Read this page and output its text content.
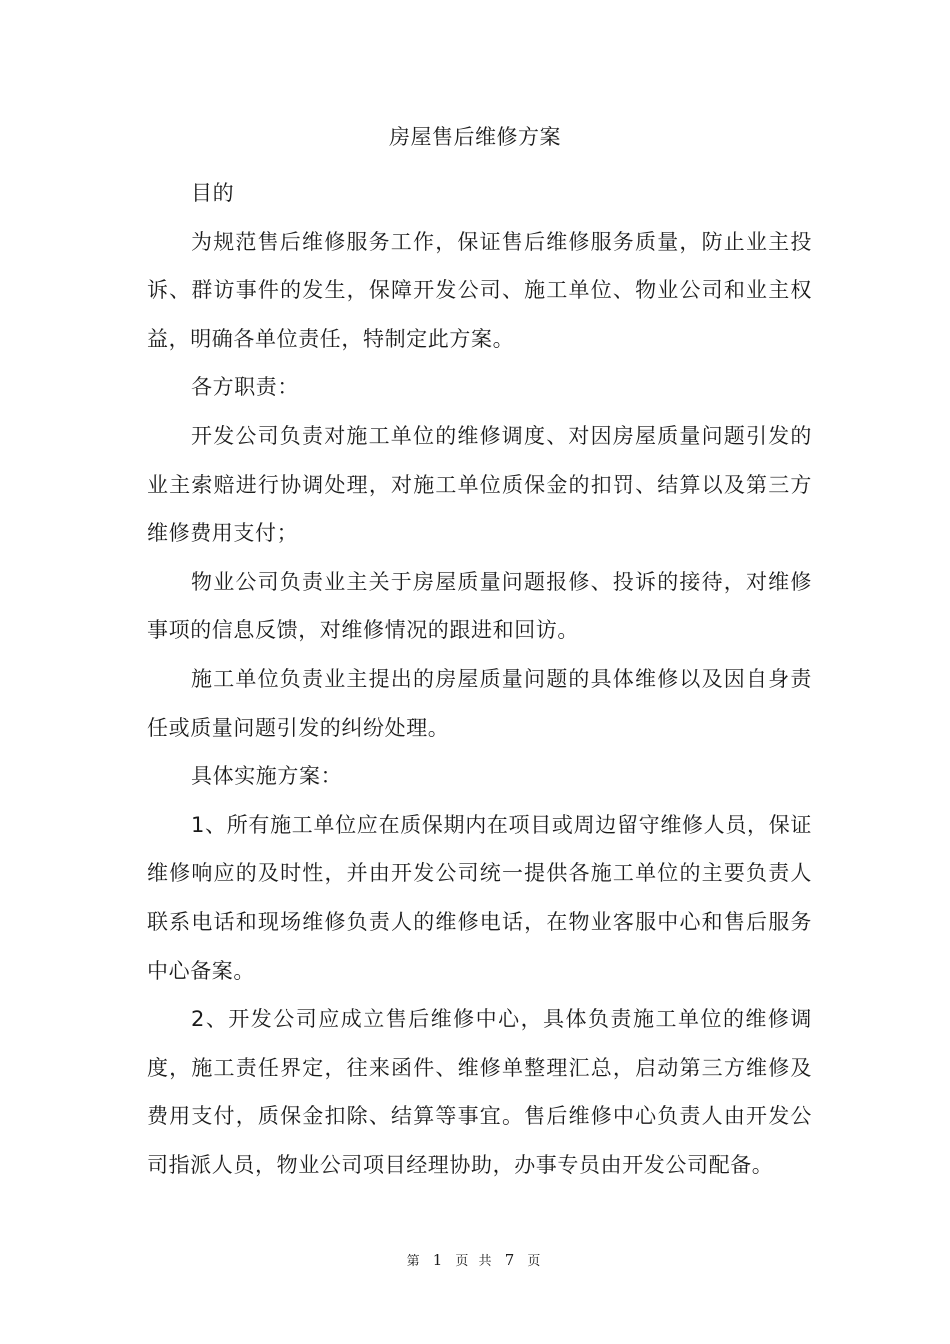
房屋售后维修方案

目的

为规范售后维修服务工作，保证售后维修服务质量，防止业主投诉、群访事件的发生，保障开发公司、施工单位、物业公司和业主权益，明确各单位责任，特制定此方案。

各方职责：

开发公司负责对施工单位的维修调度、对因房屋质量问题引发的业主索赔进行协调处理，对施工单位质保金的扣罚、结算以及第三方维修费用支付；

物业公司负责业主关于房屋质量问题报修、投诉的接待，对维修事项的信息反馈，对维修情况的跟进和回访。

施工单位负责业主提出的房屋质量问题的具体维修以及因自身责任或质量问题引发的纠纷处理。

具体实施方案：

1、所有施工单位应在质保期内在项目或周边留守维修人员，保证维修响应的及时性，并由开发公司统一提供各施工单位的主要负责人联系电话和现场维修负责人的维修电话，在物业客服中心和售后服务中心备案。

2、开发公司应成立售后维修中心，具体负责施工单位的维修调度，施工责任界定，往来函件、维修单整理汇总，启动第三方维修及费用支付，质保金扣除、结算等事宜。售后维修中心负责人由开发公司指派人员，物业公司项目经理协助，办事专员由开发公司配备。

第 1 页 共 7 页
